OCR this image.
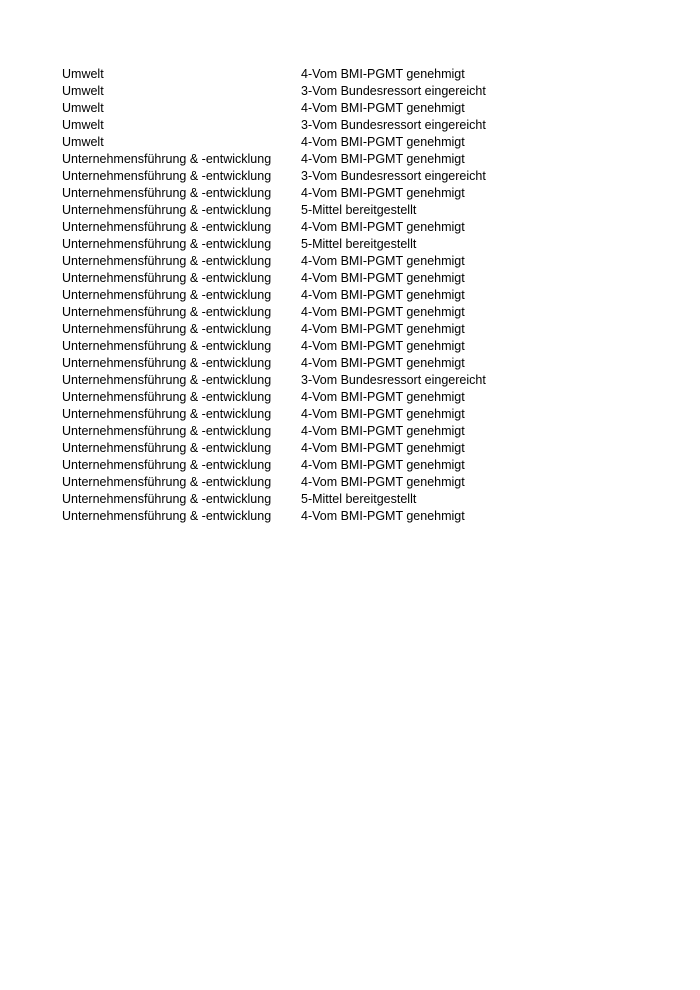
Umwelt	4-Vom BMI-PGMT genehmigt
Umwelt	3-Vom Bundesressort eingereicht
Umwelt	4-Vom BMI-PGMT genehmigt
Umwelt	3-Vom Bundesressort eingereicht
Umwelt	4-Vom BMI-PGMT genehmigt
Unternehmensführung & -entwicklung	4-Vom BMI-PGMT genehmigt
Unternehmensführung & -entwicklung	3-Vom Bundesressort eingereicht
Unternehmensführung & -entwicklung	4-Vom BMI-PGMT genehmigt
Unternehmensführung & -entwicklung	5-Mittel bereitgestellt
Unternehmensführung & -entwicklung	4-Vom BMI-PGMT genehmigt
Unternehmensführung & -entwicklung	5-Mittel bereitgestellt
Unternehmensführung & -entwicklung	4-Vom BMI-PGMT genehmigt
Unternehmensführung & -entwicklung	4-Vom BMI-PGMT genehmigt
Unternehmensführung & -entwicklung	4-Vom BMI-PGMT genehmigt
Unternehmensführung & -entwicklung	4-Vom BMI-PGMT genehmigt
Unternehmensführung & -entwicklung	4-Vom BMI-PGMT genehmigt
Unternehmensführung & -entwicklung	4-Vom BMI-PGMT genehmigt
Unternehmensführung & -entwicklung	4-Vom BMI-PGMT genehmigt
Unternehmensführung & -entwicklung	3-Vom Bundesressort eingereicht
Unternehmensführung & -entwicklung	4-Vom BMI-PGMT genehmigt
Unternehmensführung & -entwicklung	4-Vom BMI-PGMT genehmigt
Unternehmensführung & -entwicklung	4-Vom BMI-PGMT genehmigt
Unternehmensführung & -entwicklung	4-Vom BMI-PGMT genehmigt
Unternehmensführung & -entwicklung	4-Vom BMI-PGMT genehmigt
Unternehmensführung & -entwicklung	4-Vom BMI-PGMT genehmigt
Unternehmensführung & -entwicklung	5-Mittel bereitgestellt
Unternehmensführung & -entwicklung	4-Vom BMI-PGMT genehmigt
